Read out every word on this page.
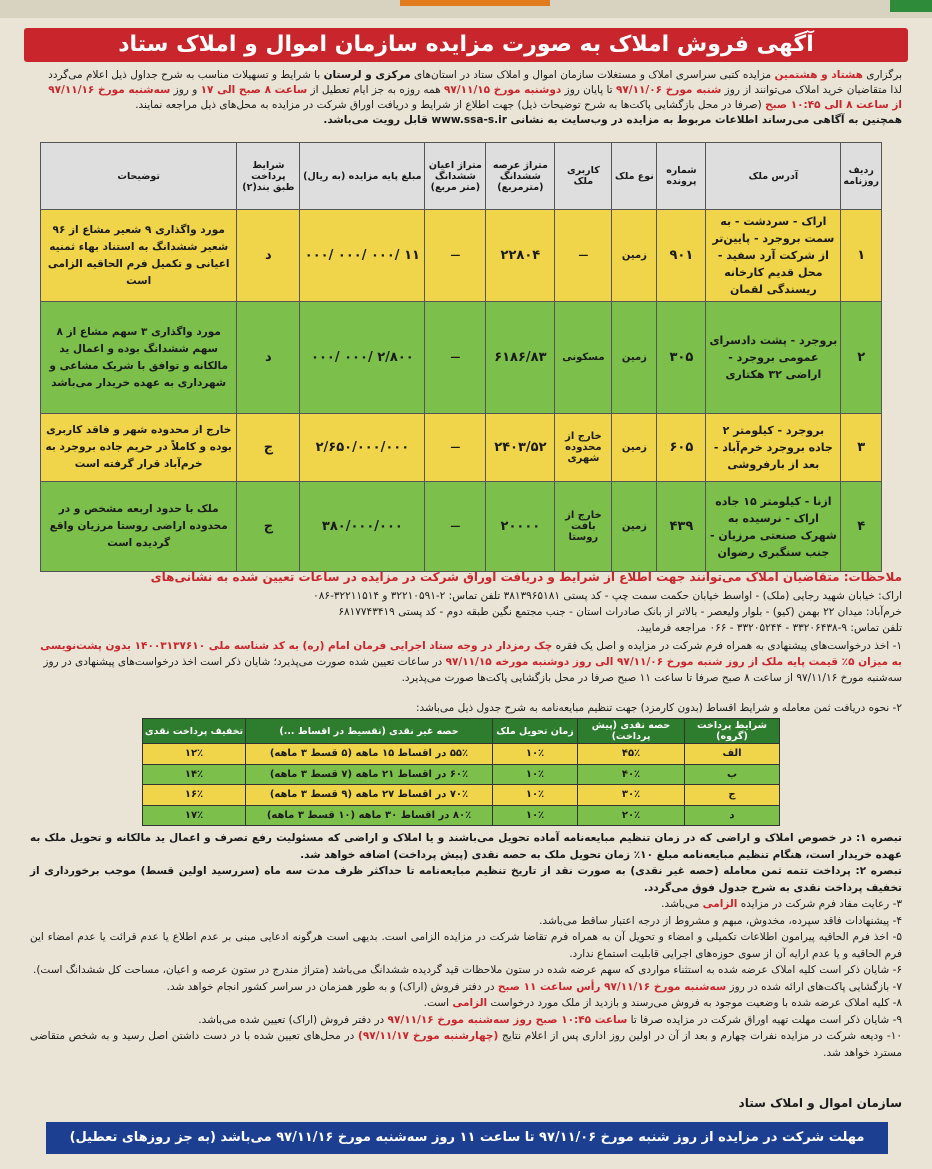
آگهی فروش املاک به صورت مزایده سازمان اموال و املاک ستاد
برگزاری هشتاد و هشتمین مزایده کتبی سراسری املاک و مستغلات سازمان اموال و املاک ستاد در استان‌های مرکزی و لرستان با شرایط و تسهیلات مناسب به شرح جداول ذیل اعلام می‌گردد
لذا متقاضیان خرید املاک می‌توانند از روز شنبه مورخ ۹۷/۱۱/۰۶ تا پایان روز دوشنبه مورخ ۹۷/۱۱/۱۵ همه روزه به جز ایام تعطیل از ساعت ۸ صبح الی ۱۷ و روز سه‌شنبه مورخ ۹۷/۱۱/۱۶
از ساعت ۸ الی ۱۰:۴۵ صبح (صرفا در محل بازگشایی پاکت‌ها به شرح توضیحات ذیل) جهت اطلاع از شرایط و دریافت اوراق شرکت در مزایده به محل‌های ذیل مراجعه نمایند.
همچنین به آگاهی می‌رساند اطلاعات مربوط به مزایده در وب‌سایت به نشانی www.ssa-s.ir قابل رویت می‌باشد.
ردیف روزنامه	آدرس ملک	شماره پرونده	نوع ملک	کاربری ملک	متراژ عرصه ششدانگ (مترمربع)	متراژ اعیان ششدانگ (متر مربع)	مبلغ پایه مزایده (به ریال)	شرایط پرداخت طبق بند(۲)	توضیحات
۱	اراک - سردشت - به سمت بروجرد - پایین‌تر از شرکت آرد سفید - محل قدیم کارخانه ریسندگی لقمان	۹۰۱	زمین	—	۲۲۸۰۴	—	۱۱ /۰۰۰ /۰۰۰ /۰۰۰	د	مورد واگذاری ۹ شعیر مشاع از ۹۶ شعیر ششدانگ به استناد بهاء ثمنیه اعیانی و تکمیل فرم الحاقیه الزامی است
۲	بروجرد - پشت دادسرای عمومی بروجرد - اراضی ۳۲ هکتاری	۳۰۵	زمین	مسکونی	۶۱۸۶/۸۳	—	۲/۸۰۰ /۰۰۰ /۰۰۰	د	مورد واگذاری ۳ سهم مشاع از ۸ سهم ششدانگ بوده و اعمال ید مالکانه و توافق با شریک مشاعی و شهرداری به عهده خریدار می‌باشد
۳	بروجرد - کیلومتر ۲ جاده بروجرد خرم‌آباد - بعد از بارفروشی	۶۰۵	زمین	خارج از محدوده شهری	۲۴۰۳/۵۲	—	۲/۶۵۰/۰۰۰/۰۰۰	ج	خارج از محدوده شهر و فاقد کاربری بوده و کاملاً در حریم جاده بروجرد به خرم‌آباد قرار گرفته است
۴	ازنا - کیلومتر ۱۵ جاده اراک - نرسیده به شهرک صنعتی مرزیان - جنب سنگبری رضوان	۴۳۹	زمین	خارج از بافت روستا	۲۰۰۰۰	—	۳۸۰/۰۰۰/۰۰۰	ج	ملک با حدود اربعه مشخص و در محدوده اراضی روستا مرزیان واقع گردیده است
ملاحظات: متقاضیان املاک می‌توانند جهت اطلاع از شرایط و دریافت اوراق شرکت در مزایده در ساعات تعیین شده به نشانی‌های
اراک: خیابان شهید رجایی (ملک) - اواسط خیابان حکمت سمت چپ - کد پستی ۳۸۱۳۹۶۵۱۸۱ تلفن تماس: ۲-۳۲۲۱۰۵۹۱ و ۳۲۲۱۱۵۱۴-۰۸۶
خرم‌آباد: میدان ۲۲ بهمن (کیو) - بلوار ولیعصر - بالاتر از بانک صادرات استان - جنب مجتمع نگین طبقه دوم - کد پستی ۶۸۱۷۷۴۳۴۱۹
تلفن تماس: ۹-۳۳۲۰۶۴۳۸ - ۳۳۲۰۵۲۴۴ - ۰۶۶ مراجعه فرمایید.
۱- اخذ درخواست‌های پیشنهادی به همراه فرم شرکت در مزایده و اصل یک فقره چک رمزدار در وجه ستاد اجرایی فرمان امام (ره) به کد شناسه ملی ۱۴۰۰۳۱۳۷۶۱۰ بدون پشت‌نویسی به میزان ۵٪ قیمت پایه ملک از روز شنبه مورخ ۹۷/۱۱/۰۶ الی روز دوشنبه مورخه ۹۷/۱۱/۱۵ در ساعات تعیین شده صورت می‌پذیرد؛ شایان ذکر است اخذ درخواست‌های پیشنهادی در روز سه‌شنبه مورخ ۹۷/۱۱/۱۶ از ساعت ۸ صبح صرفا تا ساعت ۱۱ صبح صرفا در محل بازگشایی پاکت‌ها صورت می‌پذیرد.
۲- نحوه دریافت ثمن معامله و شرایط اقساط (بدون کارمزد) جهت تنظیم مبایعه‌نامه به شرح جدول ذیل می‌باشد:
شرایط پرداخت (گروه)	حصه نقدی (پیش پرداخت)	زمان تحویل ملک	حصه غیر نقدی (تقسیط در اقساط ...)	تخفیف پرداخت نقدی
الف	۴۵٪	۱۰٪	۵۵٪ در اقساط ۱۵ ماهه (۵ قسط ۳ ماهه)	۱۲٪
ب	۴۰٪	۱۰٪	۶۰٪ در اقساط ۲۱ ماهه (۷ قسط ۳ ماهه)	۱۴٪
ج	۳۰٪	۱۰٪	۷۰٪ در اقساط ۲۷ ماهه (۹ قسط ۳ ماهه)	۱۶٪
د	۲۰٪	۱۰٪	۸۰٪ در اقساط ۳۰ ماهه (۱۰ قسط ۳ ماهه)	۱۷٪

تبصره ۱: در خصوص املاک و اراضی که در زمان تنظیم مبایعه‌نامه آماده تحویل می‌باشند و یا املاک و اراضی که مسئولیت رفع تصرف و اعمال ید مالکانه و تحویل ملک به عهده خریدار است، هنگام تنظیم مبایعه‌نامه مبلغ ۱۰٪ زمان تحویل ملک به حصه نقدی (پیش پرداخت) اضافه خواهد شد.

تبصره ۲: پرداخت تتمه ثمن معامله (حصه غیر نقدی) به صورت نقد از تاریخ تنظیم مبایعه‌نامه تا حداکثر ظرف مدت سه ماه (سررسید اولین قسط) موجب برخورداری از تخفیف پرداخت نقدی به شرح جدول فوق می‌گردد.

۳- رعایت مفاد فرم شرکت در مزایده الزامی می‌باشد.

۴- پیشنهادات فاقد سپرده، مخدوش، مبهم و مشروط از درجه اعتبار ساقط می‌باشد.

۵- اخذ فرم الحاقیه پیرامون اطلاعات تکمیلی و امضاء و تحویل آن به همراه فرم تقاضا شرکت در مزایده الزامی است. بدیهی است هرگونه ادعایی مبنی بر عدم اطلاع یا عدم قرائت یا عدم امضاء این فرم الحاقیه و یا عدم ارایه آن از سوی حوزه‌های اجرایی قابلیت استماع ندارد.

۶- شایان ذکر است کلیه املاک عرضه شده به استثناء مواردی که سهم عرضه شده در ستون ملاحظات قید گردیده ششدانگ می‌باشد (متراژ مندرج در ستون عرصه و اعیان، مساحت کل ششدانگ است).

۷- بازگشایی پاکت‌های ارائه شده در روز سه‌شنبه مورخ ۹۷/۱۱/۱۶ رأس ساعت ۱۱ صبح در دفتر فروش (اراک) و به طور همزمان در سراسر کشور انجام خواهد شد.

۸- کلیه املاک عرضه شده با وضعیت موجود به فروش می‌رسند و بازدید از ملک مورد درخواست الزامی است.

۹- شایان ذکر است مهلت تهیه اوراق شرکت در مزایده صرفا تا ساعت ۱۰:۴۵ صبح روز سه‌شنبه مورخ ۹۷/۱۱/۱۶ در دفتر فروش (اراک) تعیین شده می‌باشد.

۱۰- ودیعه شرکت در مزایده نفرات چهارم و بعد از آن در اولین روز اداری پس از اعلام نتایج (چهارشنبه مورخ ۹۷/۱۱/۱۷) در محل‌های تعیین شده با در دست داشتن اصل رسید و به شخص متقاضی مسترد خواهد شد.

سازمان اموال و املاک ستاد
مهلت شرکت در مزایده از روز شنبه مورخ ۹۷/۱۱/۰۶ تا ساعت ۱۱ روز سه‌شنبه مورخ ۹۷/۱۱/۱۶ می‌باشد (به جز روزهای تعطیل)
